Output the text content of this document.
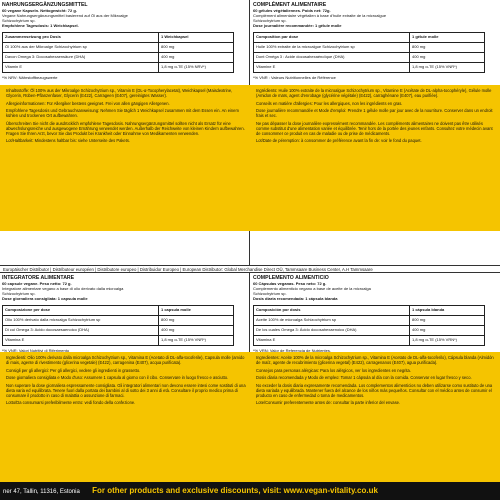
Inhaltsstoffe: Öl 100% aus der Mikroalge Schizochytrium sp., Vitamin E (DL-α-Tocopherylacetat), Weichkapsel (Maisdextrine, Glycerin, Rüben-Pflanzenfaser, Glycerin (E422), Carrageen (E407), gereinigtes Wasser).

Allergieinformationen: Für Allergiker bestens geeignet. Frei von allen gängigen Allergenen.

Empfohlene Tagesdosis und Gebrauchsanweisung: Nehmen Sie täglich 1 Weichkapsel zusammen mit dem Essen ein. An einem kühlen und trockenen Ort aufbewahren.

Überschreiten Sie nicht die ausdrücklich empfohlene Tagesdosis. Nahrungsergänzungsmittel sollten nicht als Ersatz für eine abwechslungsreiche und ausgewogene Ernährung verwendet werden. Außerhalb der Reichweite von kleinen Kindern aufbewahren. Fragen Sie Ihren Arzt, bevor Sie das Produkt bei Krankheit oder Einnahme von Medikamenten verwenden.

Lot/Haltbarkeit: Mindestens haltbar bis: siehe Unterseite des Pakets.

Ingrédients: Huile 100% extraite de la microalgue Schizochytrium sp., Vitamine E (Acétate de DL-alpha-tocophéryle), Gélule molle (Amidon de maïs, agent d'enrobage (glycérine végétale) (E422), carraghénane (E407), eau purifiée).

Conseils en matière d'allergies: Pour les allergiques, non les ingrédients en gras.

Dose journalière recommandée et Mode d'emploi: Prendre 1 gélule molle par jour avec de la nourriture. Conserver dans un endroit frais et sec.

Ne pas dépasser la dose journalière expressément recommandée. Les compléments alimentaires ne doivent pas être utilisés comme substitut d'une alimentation variée et équilibrée. Tenir hors de la portée des jeunes enfants. Consultez votre médecin avant de consommer ce produit en cas de maladie ou de prise de médicaments.

Lot/Date de péremption: à consommer de préférence avant la fin de: voir le fond du paquet.

Ingredienti: Olio 100% derivato dalla microalga Schizochytrium sp., Vitamina E (Acetato di DL-alfa-tocoferile), Capsula molle (amido di mais, agente di rivestimento (glicerina vegetale) (E422), carragenina (E407), acqua purificata).

Consigli per gli allergici: Per gli allergici, vedere gli ingredienti in grassetto.

Dose giornaliera consigliata e Modo d'uso: Assumere 1 capsula al giorno con il cibo. Conservare in luogo fresco e asciutto.

Non superare la dose giornaliera espressamente consigliata. Gli integratori alimentari non devono essere intesi come sostituti di una dieta varia ed equilibrata. Tenere fuori dalla portata dei bambini al di sotto dei 3 anni di età. Consultare il proprio medico prima di consumare il prodotto in caso di malattia o assunzione di farmaci.

Lotto/Da consumarsi preferibilmente entro: vedi fondo della confezione.

Ingredientes: Aceite 100% de la microalga Schizochytrium sp., Vitamina E (Acetato de DL-alfa-tocoferilo), Cápsula blanda (Almidón de maíz, agente de recubrimiento (glicerina vegetal) (E422), carragenanos (E407), agua purificada).

Consejos para personas alérgicas: Para los alérgicos, ver los ingredientes en negrita.

Dosis diaria recomendada y Modo de empleo: Tomar 1 cápsula al día con la comida. Conservar en lugar fresco y seco.

No exceder la dosis diaria expresamente recomendada. Los complementos alimenticios no deben utilizarse como sustituto de una dieta variada y equilibrada. Mantener fuera del alcance de los niños más pequeños. Consultar con el médico antes de consumir el producto en caso de enfermedad o toma de medicamentos.

Lote/Consumir preferentemente antes de: consultar la parte inferior del envase.

NAHRUNGSERGÄNZUNGSMITTEL
60 vegane Kapseln. Nettogewicht: 72 g.
Vegane Nahrungsergänzungsmittel basierend auf Öl aus der Mikroalge
Schizochytrium sp.
Empfohlene Tagesdosis: 1 Weichkapsel.
Zusammensetzung pro Dosis	1 Weichkapsel
Öl 100% aus der Mikroalge Schizochytrium sp	800 mg
Davon Omega 3: Docosahexaensäure (DHA)	400 mg
Vitamin E	1,8 mg α-TE (15% NRV*)
*% NRV: Nährstoffbezugswerte
COMPLÉMENT ALIMENTAIRE
60 gélules végétaliennes. Poids net: 72g.
Complément alimentaire végétalien à base d'huile extraite de la microalgue
Schizochytrium sp.
Dose journalière recommandée: 1 gélule molle
Composition par dose	1 gélule molle
Huile 100% extraite de la microalgue Schizochytrium sp	800 mg
Dont Oméga 3 : Acide docosahexaénoïque (DHA)	400 mg
Vitamine E	1,8 mg α-TE (15% VNR*)
*% VNR : Valeurs Nutritionnelles de Référence
Europäischer Distributor | Distributeur européen | Distributore europeo | Distribuidor Europeo | European Distributor: Global Merchandise Direct OÜ, Tammsaare Business Center, A.H Tammsaare
INTEGRATORE ALIMENTARE
60 capsule vegane. Peso netto: 72 g.
Integratore alimentare vegano a base di olio derivato dalla microalga
Schizochytrium sp.
Dose giornaliera consigliata: 1 capsula molle
Composizione per dose	1 capsula molle
Olio 100% derivato dalla microalga Schizochytrium sp	800 mg
Di cui Omega 3: Acido docosaesaenoico (DHA)	400 mg
Vitamina E	1,8 mg α-TE (15% VNR*)
*% VNR: Valori Nutritivi di Riferimento
COMPLEMENTO ALIMENTICIO
60 Cápsulas veganas. Peso neto: 72 g.
Complemento alimenticio vegano a base de aceite de la microalga
Schizochytrium sp.
Dosis diaria recomendada: 1 cápsula blanda
Composición por dosis	1 cápsula blanda
Aceite 100% de microalga Schizochytrium sp	800 mg
De los cuales Omega 3: Ácido docosahexaenoico (DHA)	400 mg
Vitamina E	1,8 mg α-TE (15% VRN*)
*% VRN: Valor de Referencia de Nutrientes.
ner 47, Tallin, 11316, Estonia For other products and exclusive discounts, visit: www.vegan-vitality.co.uk
